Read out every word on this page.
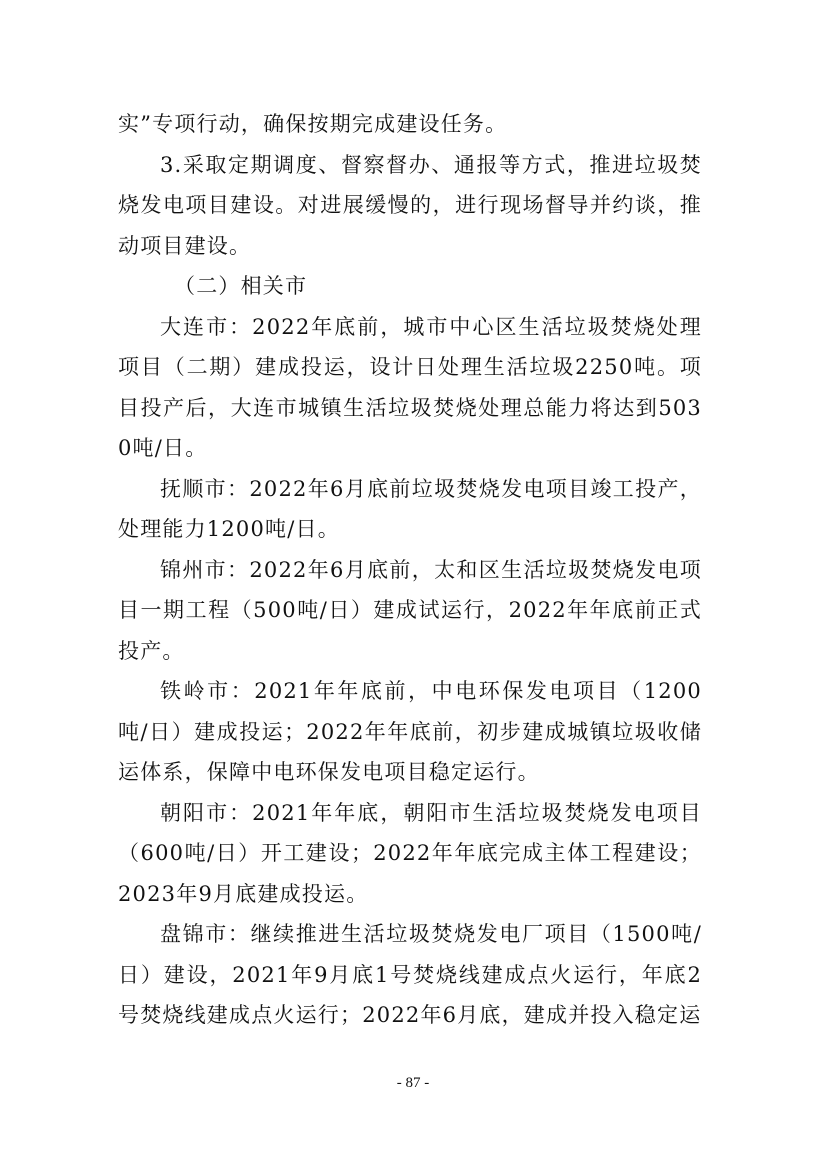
实”专项行动，确保按期完成建设任务。

3.采取定期调度、督察督办、通报等方式，推进垃圾焚烧发电项目建设。对进展缓慢的，进行现场督导并约谈，推动项目建设。

（二）相关市

大连市：2022年底前，城市中心区生活垃圾焚烧处理项目（二期）建成投运，设计日处理生活垃圾2250吨。项目投产后，大连市城镇生活垃圾焚烧处理总能力将达到5030吨/日。

抚顺市：2022年6月底前垃圾焚烧发电项目竣工投产，处理能力1200吨/日。

锦州市：2022年6月底前，太和区生活垃圾焚烧发电项目一期工程（500吨/日）建成试运行，2022年年底前正式投产。

铁岭市：2021年年底前，中电环保发电项目（1200吨/日）建成投运；2022年年底前，初步建成城镇垃圾收储运体系，保障中电环保发电项目稳定运行。

朝阳市：2021年年底，朝阳市生活垃圾焚烧发电项目（600吨/日）开工建设；2022年年底完成主体工程建设；2023年9月底建成投运。

盘锦市：继续推进生活垃圾焚烧发电厂项目（1500吨/日）建设，2021年9月底1号焚烧线建成点火运行，年底2号焚烧线建成点火运行；2022年6月底，建成并投入稳定运

- 87 -
